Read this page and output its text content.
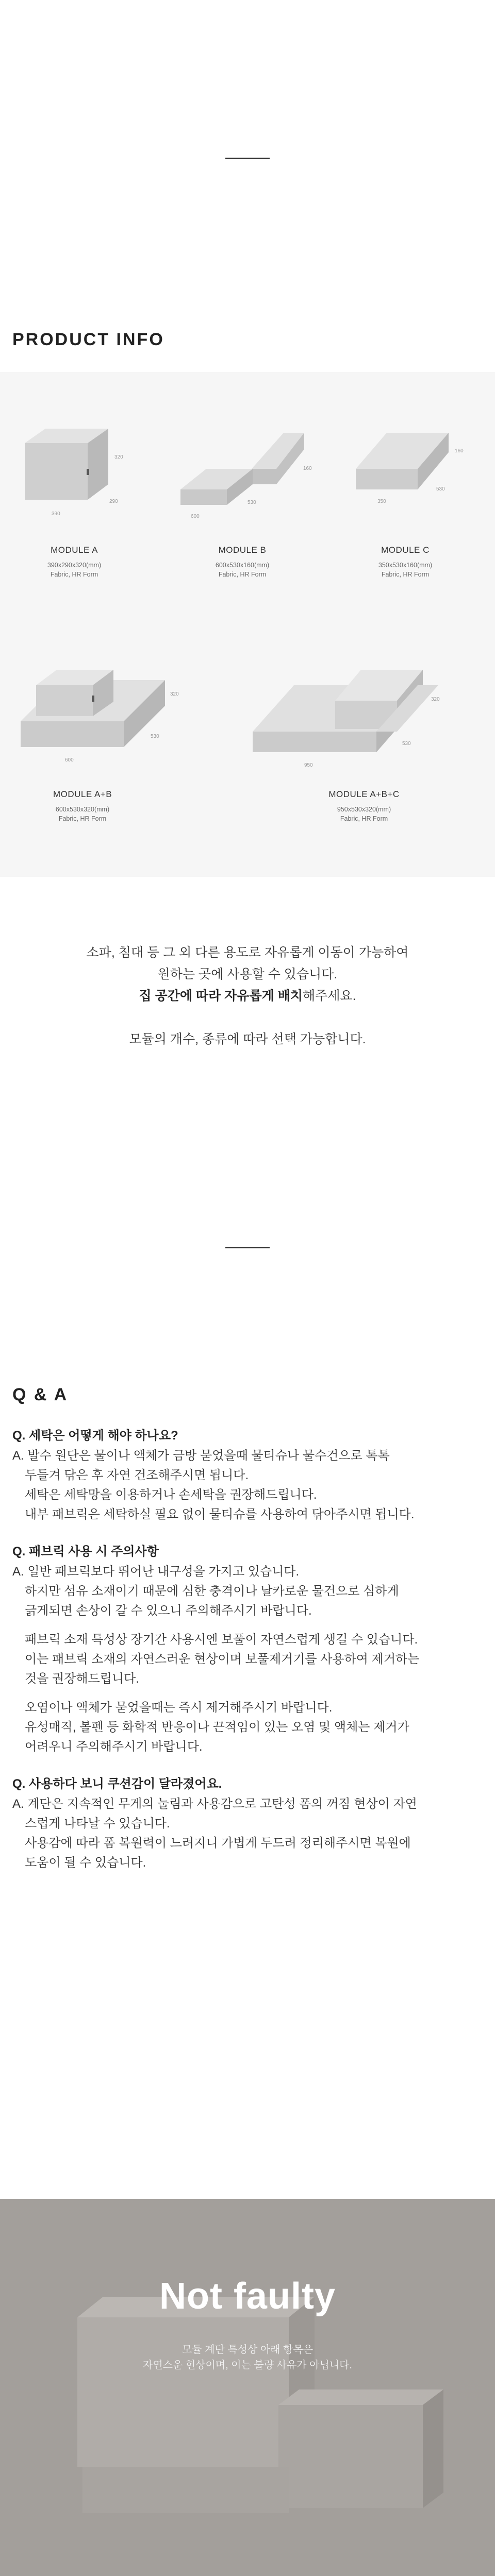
PRODUCT INFO
390
290
320
MODULE A
390x290x320(mm)
Fabric, HR Form
600
530
160
MODULE B
600x530x160(mm)
Fabric, HR Form
350
530
160
MODULE C
350x530x160(mm)
Fabric, HR Form
600
530
320
MODULE A+B
600x530x320(mm)
Fabric, HR Form
950
530
320
MODULE A+B+C
950x530x320(mm)
Fabric, HR Form
소파, 침대 등 그 외 다른 용도로 자유롭게 이동이 가능하여
원하는 곳에 사용할 수 있습니다.
집 공간에 따라 자유롭게 배치해주세요.
모듈의 개수, 종류에 따라 선택 가능합니다.
Q & A
Q. 세탁은 어떻게 해야 하나요?

A. 발수 원단은 물이나 액체가 금방 묻었을때 물티슈나 물수건으로 톡톡

두들겨 닦은 후 자연 건조해주시면 됩니다.

세탁은 세탁망을 이용하거나 손세탁을 권장해드립니다.

내부 패브릭은 세탁하실 필요 없이 물티슈를 사용하여 닦아주시면 됩니다.

Q. 패브릭 사용 시 주의사항

A. 일반 패브릭보다 뛰어난 내구성을 가지고 있습니다.

하지만 섬유 소재이기 때문에 심한 충격이나 날카로운 물건으로 심하게

긁게되면 손상이 갈 수 있으니 주의해주시기 바랍니다.

패브릭 소재 특성상 장기간 사용시엔 보풀이 자연스럽게 생길 수 있습니다.

이는 패브릭 소재의 자연스러운 현상이며 보풀제거기를 사용하여 제거하는

것을 권장해드립니다.

오염이나 액체가 묻었을때는 즉시 제거해주시기 바랍니다.

유성매직, 볼펜 등 화학적 반응이나 끈적임이 있는 오염 및 액체는 제거가

어려우니 주의해주시기 바랍니다.

Q. 사용하다 보니 쿠션감이 달라졌어요.

A. 계단은 지속적인 무게의 눌림과 사용감으로 고탄성 폼의 꺼짐 현상이 자연

스럽게 나타날 수 있습니다.

사용감에 따라 폼 복원력이 느려지니 가볍게 두드려 정리해주시면 복원에

도움이 될 수 있습니다.

Not faulty
모듈 계단 특성상 아래 항목은
자연스운 현상이며, 이는 불량 사유가 아닙니다.
